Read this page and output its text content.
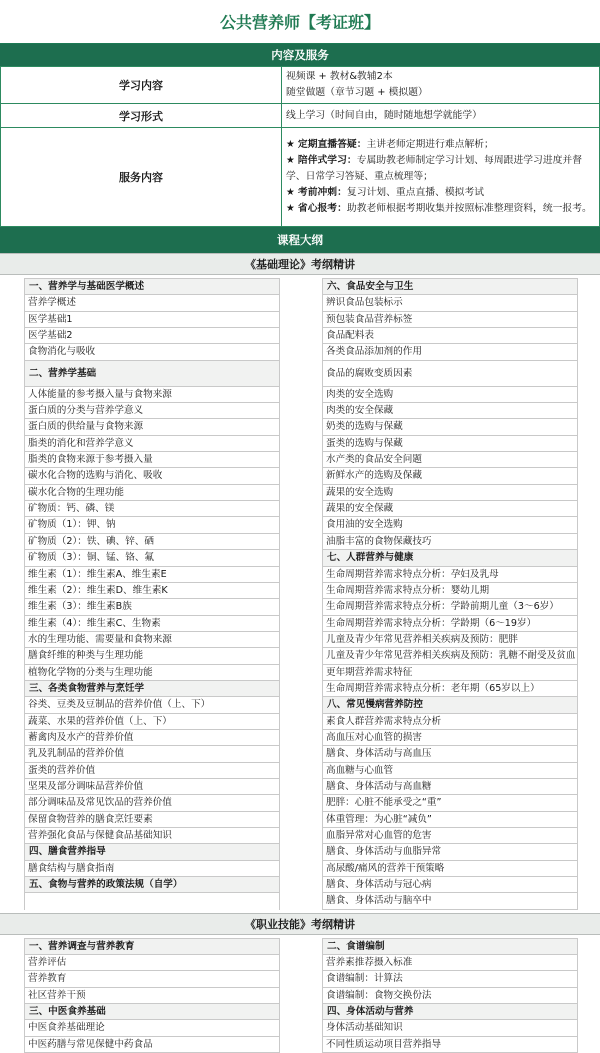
公共营养师【考证班】
内容及服务
学习内容	视频课 + 教材&教辅2本
随堂做题（章节习题 + 模拟题）

学习形式	线上学习（时间自由，随时随地想学就能学）
服务内容	★ 定期直播答疑：主讲老师定期进行难点解析；
★ 陪伴式学习：专属助教老师制定学习计划、每周跟进学习进度并督学、日常学习答疑、重点梳理等；
★ 考前冲刺：复习计划、重点直播、模拟考试
★ 省心报考：助教老师根据考期收集并按照标准整理资料，统一报考。
课程大纲
《基础理论》考纲精讲
一、营养学与基础医学概述
营养学概述
医学基础1
医学基础2
食物消化与吸收
二、营养学基础
人体能量的参考摄入量与食物来源
蛋白质的分类与营养学意义
蛋白质的供给量与食物来源
脂类的消化和营养学意义
脂类的食物来源于参考摄入量
碳水化合物的选购与消化、吸收
碳水化合物的生理功能
矿物质：钙、磷、镁
矿物质（1）：钾、钠
矿物质（2）：铁、碘、锌、硒
矿物质（3）：铜、锰、铬、氟
维生素（1）：维生素A、维生素E
维生素（2）：维生素D、维生素K
维生素（3）：维生素B族
维生素（4）：维生素C、生物素
水的生理功能、需要量和食物来源
膳食纤维的种类与生理功能
植物化学物的分类与生理功能
三、各类食物营养与烹饪学
谷类、豆类及豆制品的营养价值（上、下）
蔬菜、水果的营养价值（上、下）
蓄禽肉及水产的营养价值
乳及乳制品的营养价值
蛋类的营养价值
坚果及部分调味品营养价值
部分调味品及常见饮品的营养价值
保留食物营养的膳食烹饪要素
营养强化食品与保健食品基础知识
四、膳食营养指导
膳食结构与膳食指南
五、食物与营养的政策法规（自学）
六、食品安全与卫生
辨识食品包装标示
预包装食品营养标签
食品配料表
各类食品添加剂的作用
食品的腐败变质因素
肉类的安全选购
肉类的安全保藏
奶类的选购与保藏
蛋类的选购与保藏
水产类的食品安全问题
新鲜水产的选购及保藏
蔬果的安全选购
蔬果的安全保藏
食用油的安全选购
油脂丰富的食物保藏技巧
七、人群营养与健康
生命周期营养需求特点分析：孕妇及乳母
生命周期营养需求特点分析：婴幼儿期
生命周期营养需求特点分析：学龄前期儿童（3～6岁）
生命周期营养需求特点分析：学龄期（6～19岁）
儿童及青少年常见营养相关疾病及预防：肥胖
儿童及青少年常见营养相关疾病及预防：乳糖不耐受及贫血
更年期营养需求特征
生命周期营养需求特点分析：老年期（65岁以上）
八、常见慢病营养防控
素食人群营养需求特点分析
高血压对心血管的损害
膳食、身体活动与高血压
高血糖与心血管
膳食、身体活动与高血糖
肥胖：心脏不能承受之“重”
体重管理：为心脏“减负”
血脂异常对心血管的危害
膳食、身体活动与血脂异常
高尿酸/痛风的营养干预策略
膳食、身体活动与冠心病
膳食、身体活动与脑卒中
《职业技能》考纲精讲
一、营养调查与营养教育
营养评估
营养教育
社区营养干预
三、中医食养基础
中医食养基础理论
中医药膳与常见保健中药食品
二、食谱编制
营养素推荐摄入标准
食谱编制：计算法
食谱编制：食物交换份法
四、身体活动与营养
身体活动基础知识
不同性质运动项目营养指导
